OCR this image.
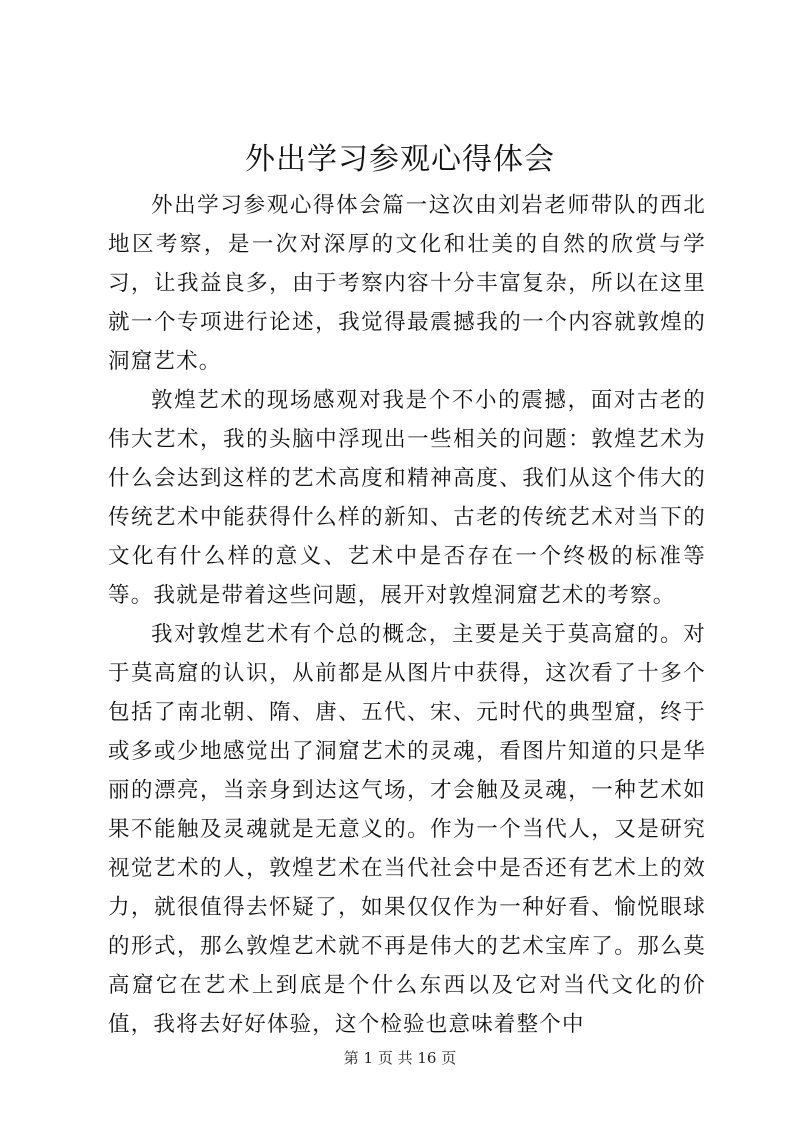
外出学习参观心得体会

外出学习参观心得体会篇一这次由刘岩老师带队的西北地区考察，是一次对深厚的文化和壮美的自然的欣赏与学习，让我益良多，由于考察内容十分丰富复杂，所以在这里就一个专项进行论述，我觉得最震撼我的一个内容就敦煌的洞窟艺术。

敦煌艺术的现场感观对我是个不小的震撼，面对古老的伟大艺术，我的头脑中浮现出一些相关的问题：敦煌艺术为什么会达到这样的艺术高度和精神高度、我们从这个伟大的传统艺术中能获得什么样的新知、古老的传统艺术对当下的文化有什么样的意义、艺术中是否存在一个终极的标准等等。我就是带着这些问题，展开对敦煌洞窟艺术的考察。

我对敦煌艺术有个总的概念，主要是关于莫高窟的。对于莫高窟的认识，从前都是从图片中获得，这次看了十多个包括了南北朝、隋、唐、五代、宋、元时代的典型窟，终于或多或少地感觉出了洞窟艺术的灵魂，看图片知道的只是华丽的漂亮，当亲身到达这气场，才会触及灵魂，一种艺术如果不能触及灵魂就是无意义的。作为一个当代人，又是研究视觉艺术的人，敦煌艺术在当代社会中是否还有艺术上的效力，就很值得去怀疑了，如果仅仅作为一种好看、愉悦眼球的形式，那么敦煌艺术就不再是伟大的艺术宝库了。那么莫高窟它在艺术上到底是个什么东西以及它对当代文化的价值，我将去好好体验，这个检验也意味着整个中

第 1 页 共 16 页
